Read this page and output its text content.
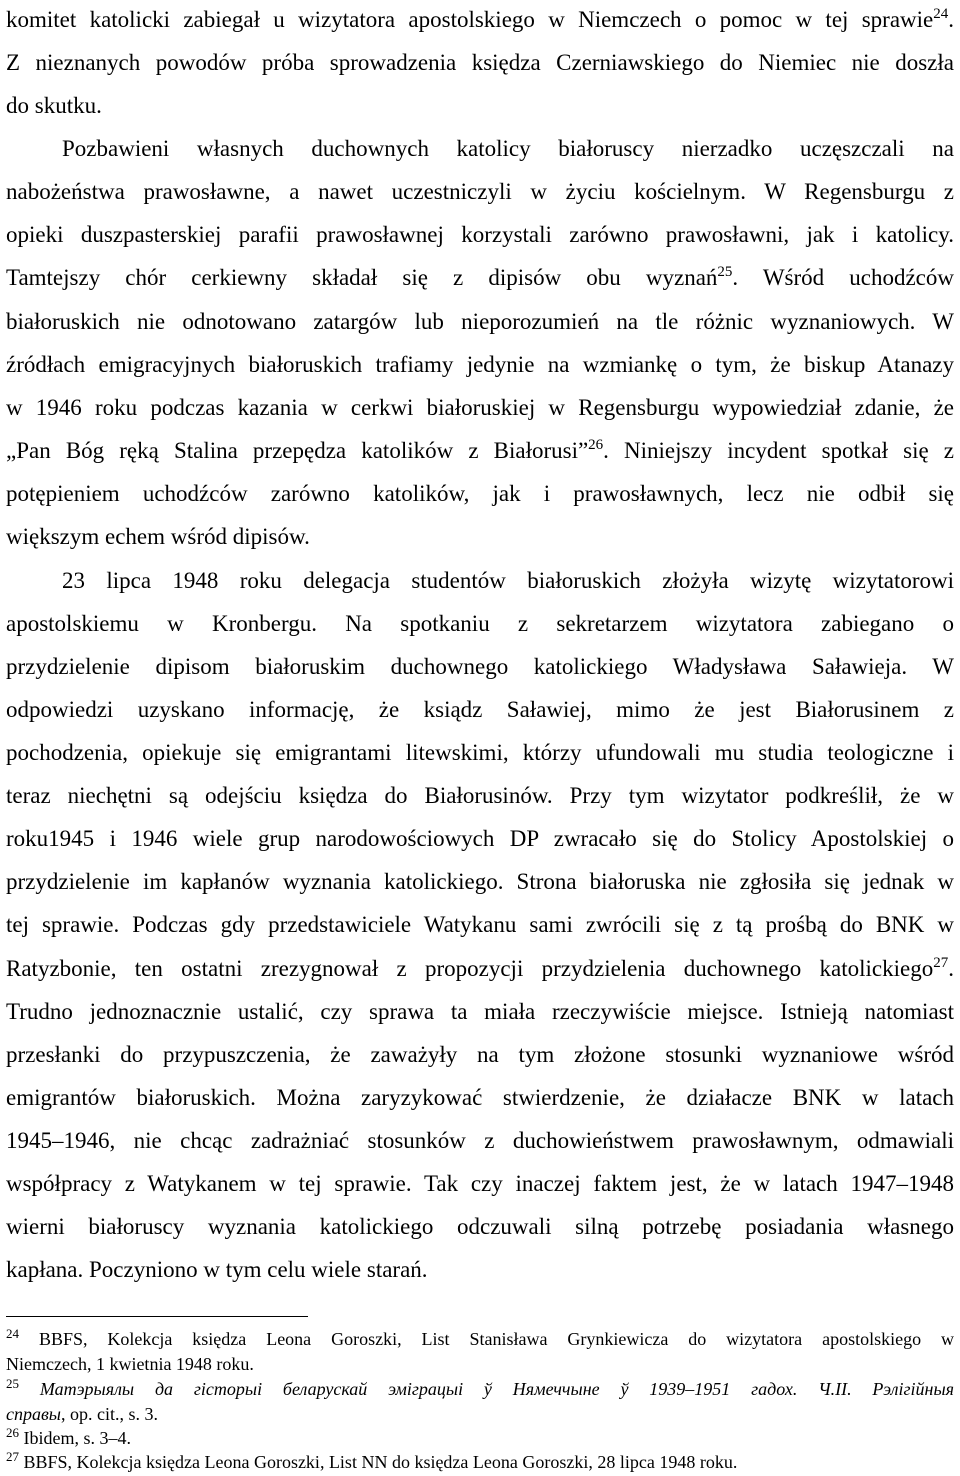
komitet katolicki zabiegał u wizytatora apostolskiego w Niemczech o pomoc w tej sprawie$^{24}$.

Z nieznanych powodów próba sprowadzenia księdza Czerniawskiego do Niemiec nie doszła

do skutku.

Pozbawieni własnych duchownych katolicy białoruscy nierzadko uczęszczali na

nabożeństwa prawosławne, a nawet uczestniczyli w życiu kościelnym. W Regensburgu z

opieki duszpasterskiej parafii prawosławnej korzystali zarówno prawosławni, jak i katolicy.

Tamtejszy chór cerkiewny składał się z dipisów obu wyznań$^{25}$. Wśród uchodźców

białoruskich nie odnotowano zatargów lub nieporozumień na tle różnic wyznaniowych. W

źródłach emigracyjnych białoruskich trafiamy jedynie na wzmiankę o tym, że biskup Atanazy

w 1946 roku podczas kazania w cerkwi białoruskiej w Regensburgu wypowiedział zdanie, że

„Pan Bóg ręką Stalina przepędza katolików z Białorusi”$^{26}$. Niniejszy incydent spotkał się z

potępieniem uchodźców zarówno katolików, jak i prawosławnych, lecz nie odbił się

większym echem wśród dipisów.

23 lipca 1948 roku delegacja studentów białoruskich złożyła wizytę wizytatorowi

apostolskiemu w Kronbergu. Na spotkaniu z sekretarzem wizytatora zabiegano o

przydzielenie dipisom białoruskim duchownego katolickiego Władysława Saławieja. W

odpowiedzi uzyskano informację, że ksiądz Saławiej, mimo że jest Białorusinem z

pochodzenia, opiekuje się emigrantami litewskimi, którzy ufundowali mu studia teologiczne i

teraz niechętni są odejściu księdza do Białorusinów. Przy tym wizytator podkreślił, że w

roku1945 i 1946 wiele grup narodowościowych DP zwracało się do Stolicy Apostolskiej o

przydzielenie im kapłanów wyznania katolickiego. Strona białoruska nie zgłosiła się jednak w

tej sprawie. Podczas gdy przedstawiciele Watykanu sami zwrócili się z tą prośbą do BNK w

Ratyzbonie, ten ostatni zrezygnował z propozycji przydzielenia duchownego katolickiego$^{27}$.

Trudno jednoznacznie ustalić, czy sprawa ta miała rzeczywiście miejsce. Istnieją natomiast

przesłanki do przypuszczenia, że zaważyły na tym złożone stosunki wyznaniowe wśród

emigrantów białoruskich. Można zaryzykować stwierdzenie, że działacze BNK w latach

1945–1946, nie chcąc zadrażniać stosunków z duchowieństwem prawosławnym, odmawiali

współpracy z Watykanem w tej sprawie. Tak czy inaczej faktem jest, że w latach 1947–1948

wierni białoruscy wyznania katolickiego odczuwali silną potrzebę posiadania własnego

kapłana. Poczyniono w tym celu wiele starań.

$^{24}$ BBFS, Kolekcja księdza Leona Goroszki, List Stanisława Grynkiewicza do wizytatora apostolskiego w

Niemczech, 1 kwietnia 1948 roku.

$^{25}$ Матэрыялы да гісторыі беларускай эміграцыі ў Нямеччыне ў 1939–1951 гадох. Ч.II. Рэлігійныя

справы, op. cit., s. 3.

$^{26}$ Ibidem, s. 3–4.

$^{27}$ BBFS, Kolekcja księdza Leona Goroszki, List NN do księdza Leona Goroszki, 28 lipca 1948 roku.
